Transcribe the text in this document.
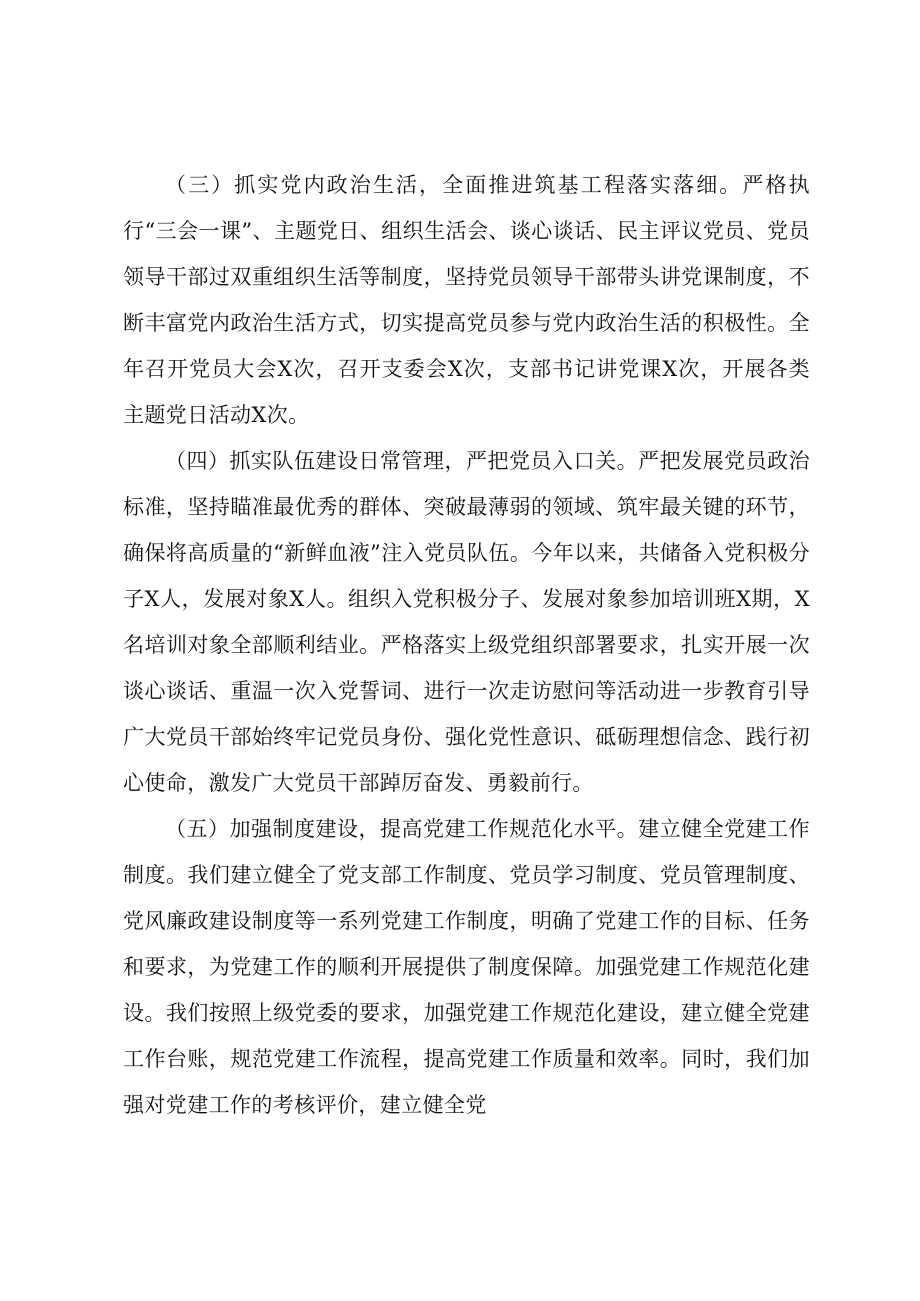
（三）抓实党内政治生活，全面推进筑基工程落实落细。严格执行“三会一课”、主题党日、组织生活会、谈心谈话、民主评议党员、党员领导干部过双重组织生活等制度，坚持党员领导干部带头讲党课制度，不断丰富党内政治生活方式，切实提高党员参与党内政治生活的积极性。全年召开党员大会X次，召开支委会X次，支部书记讲党课X次，开展各类主题党日活动X次。

（四）抓实队伍建设日常管理，严把党员入口关。严把发展党员政治标准，坚持瞄准最优秀的群体、突破最薄弱的领域、筑牢最关键的环节，确保将高质量的“新鲜血液”注入党员队伍。今年以来，共储备入党积极分子X人，发展对象X人。组织入党积极分子、发展对象参加培训班X期，X名培训对象全部顺利结业。严格落实上级党组织部署要求，扎实开展一次谈心谈话、重温一次入党誓词、进行一次走访慰问等活动进一步教育引导广大党员干部始终牢记党员身份、强化党性意识、砥砺理想信念、践行初心使命，激发广大党员干部踔厉奋发、勇毅前行。

（五）加强制度建设，提高党建工作规范化水平。建立健全党建工作制度。我们建立健全了党支部工作制度、党员学习制度、党员管理制度、党风廉政建设制度等一系列党建工作制度，明确了党建工作的目标、任务和要求，为党建工作的顺利开展提供了制度保障。加强党建工作规范化建设。我们按照上级党委的要求，加强党建工作规范化建设，建立健全党建工作台账，规范党建工作流程，提高党建工作质量和效率。同时，我们加强对党建工作的考核评价，建立健全党
